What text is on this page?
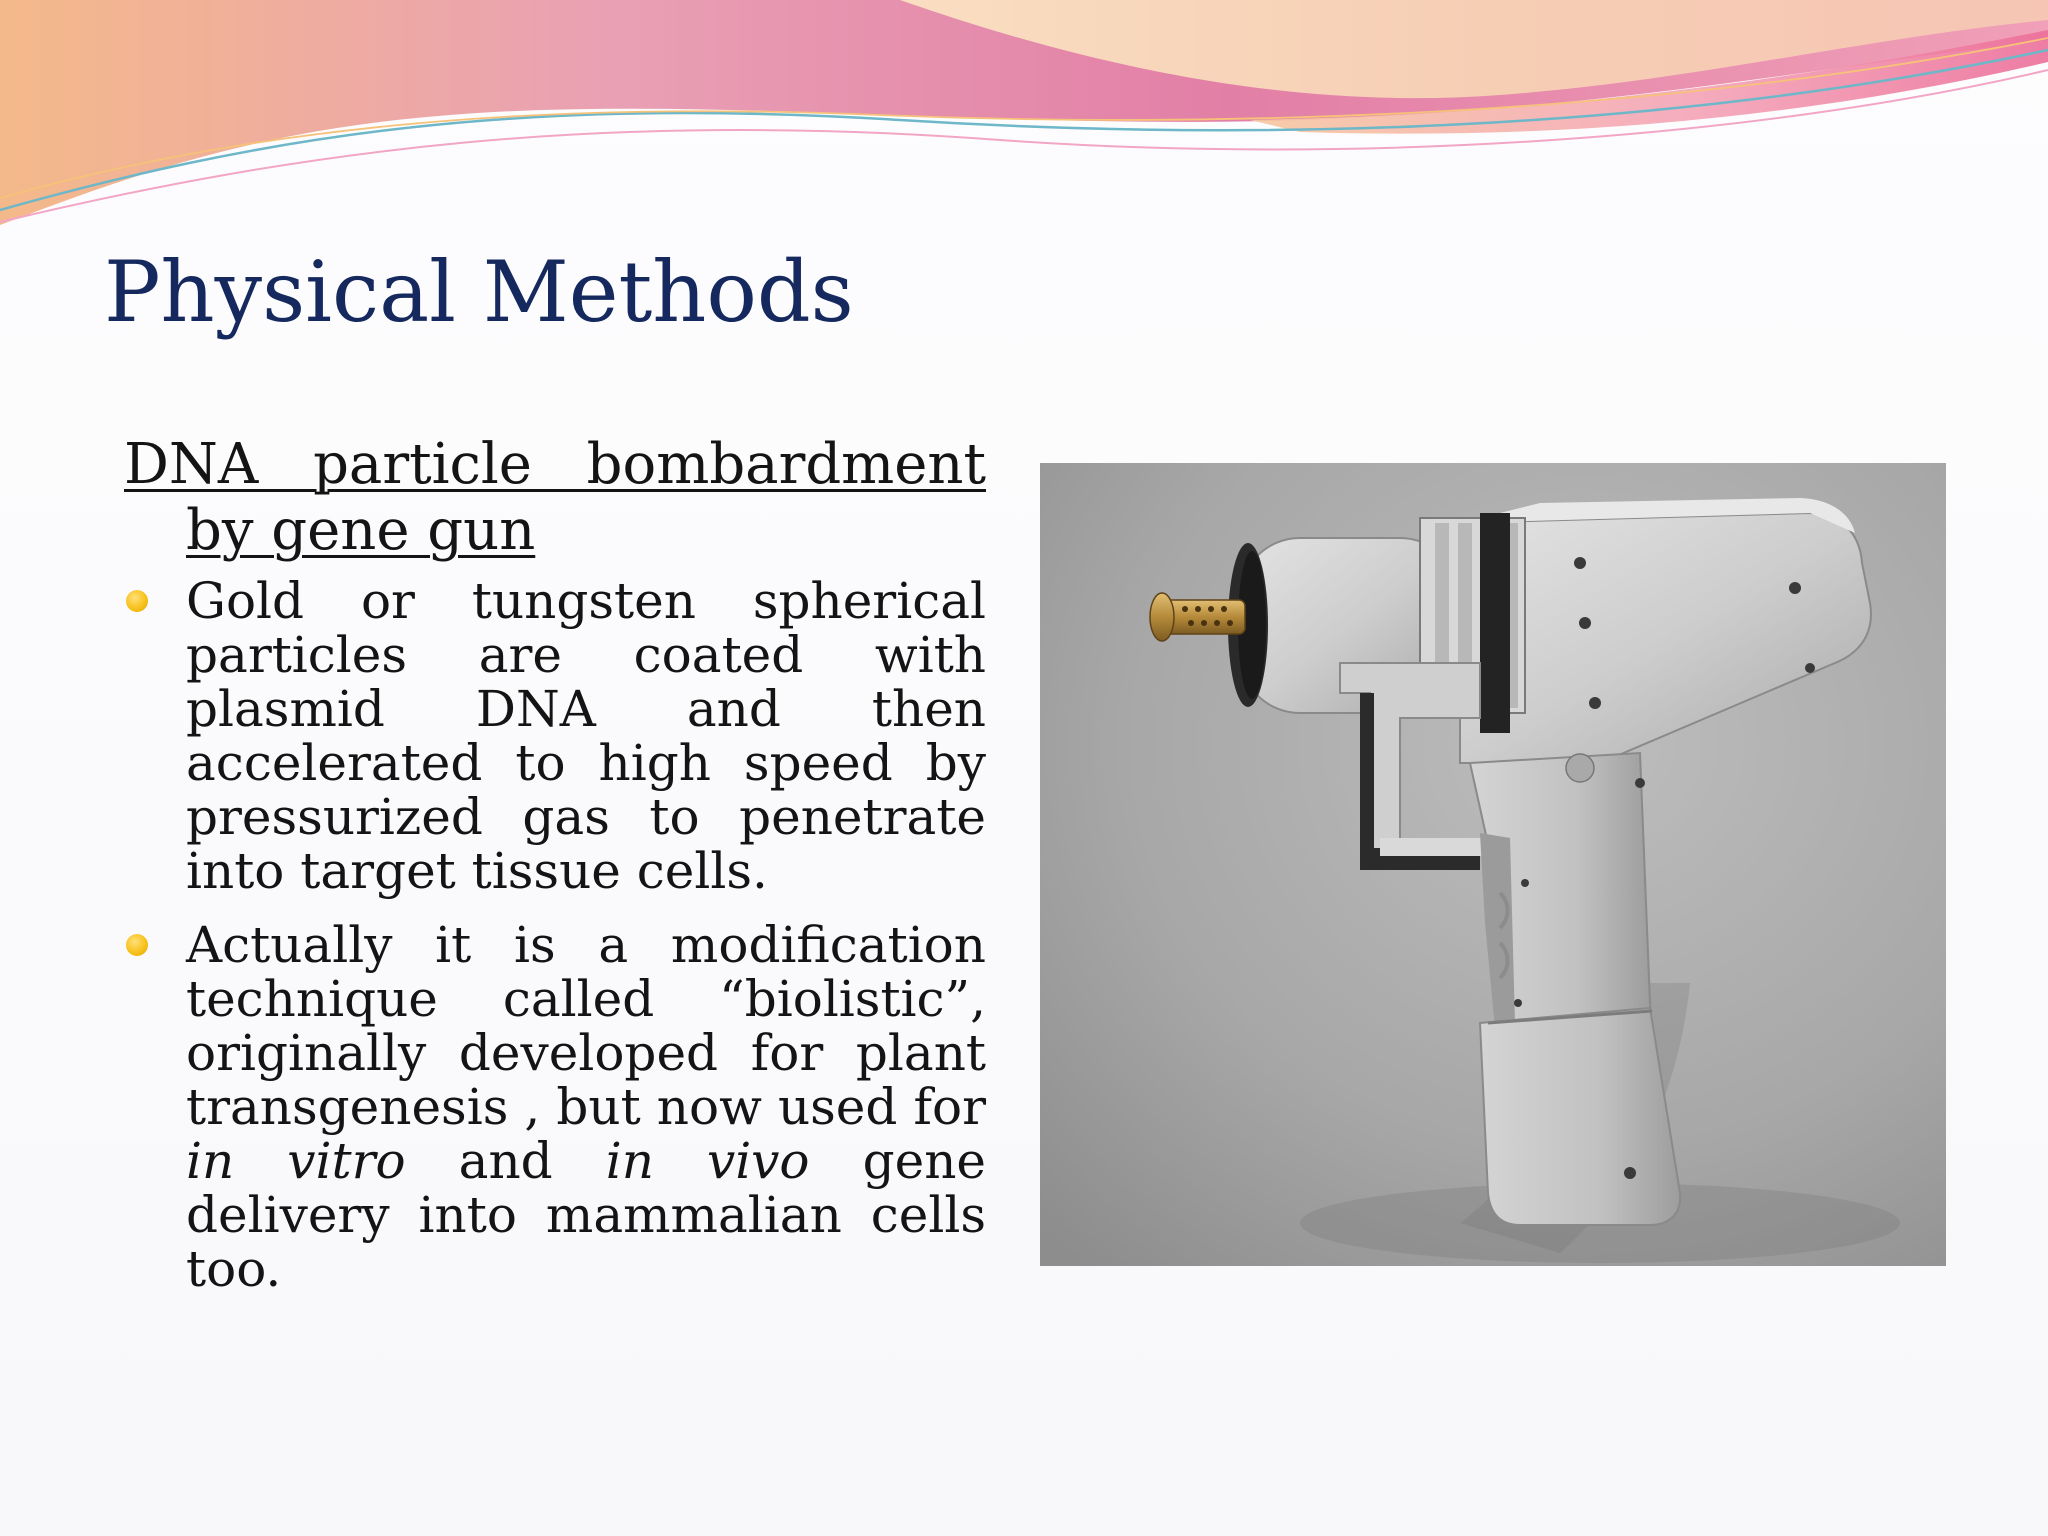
Physical Methods

DNA particle bombardment by gene gun

Gold or tungsten spherical particles are coated with plasmid DNA and then accelerated to high speed by pressurized gas to penetrate into target tissue cells.
Actually it is a modification technique called “biolistic”, originally developed for plant transgenesis , but now used for in vitro and in vivo gene delivery into mammalian cells too.
